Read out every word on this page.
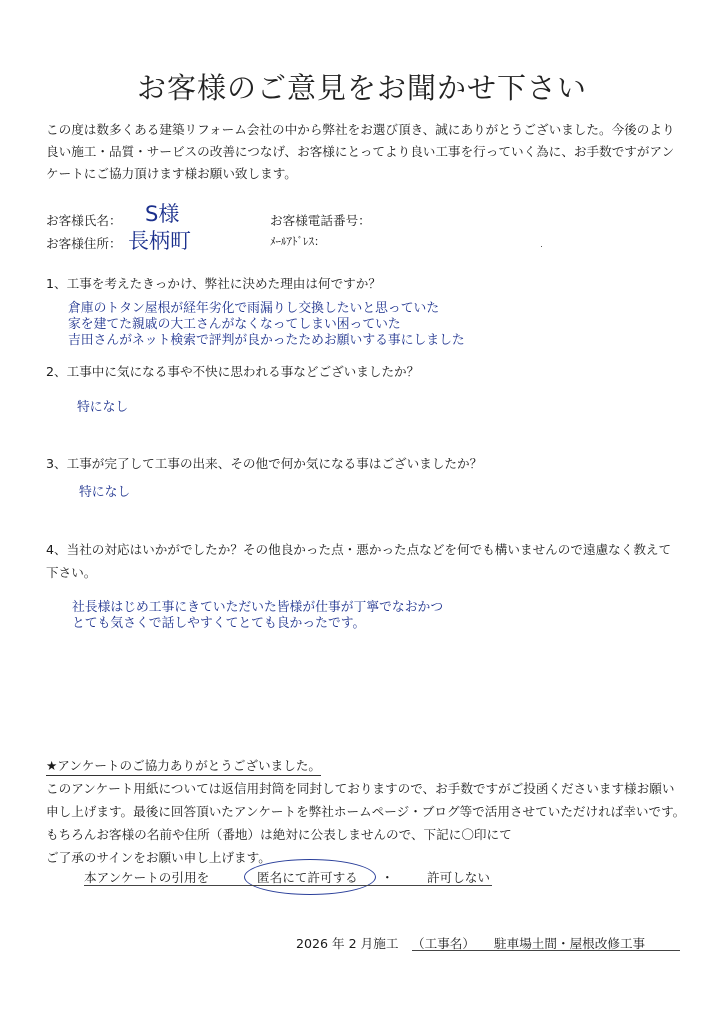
お客様のご意見をお聞かせ下さい
この度は数多くある建築リフォーム会社の中から弊社をお選び頂き、誠にありがとうございました。今後のより良い施工・品質・サービスの改善につなげ、お客様にとってより良い工事を行っていく為に、お手数ですがアンケートにご協力頂けます様お願い致します。
お客様氏名： S様	お客様電話番号：
お客様住所： 長柄町	ﾒｰﾙｱﾄﾞﾚｽ：
1、工事を考えたきっかけ、弊社に決めた理由は何ですか？
倉庫のトタン屋根が経年劣化で雨漏りし交換したいと思っていた
家を建てた親戚の大工さんがなくなってしまい困っていた
吉田さんがネット検索で評判が良かったためお願いする事にしました
2、工事中に気になる事や不快に思われる事などございましたか？
特になし
3、工事が完了して工事の出来、その他で何か気になる事はございましたか？
特になし
4、当社の対応はいかがでしたか？その他良かった点・悪かった点などを何でも構いませんので遠慮なく教えて
下さい。
社長様はじめ工事にきていただいた皆様が仕事が丁寧でなおかつ
とても気さくで話しやすくてとても良かったです。
★アンケートのご協力ありがとうございました。
このアンケート用紙については返信用封筒を同封しておりますので、お手数ですがご投函くださいます様お願い
申し上げます。最後に回答頂いたアンケートを弊社ホームページ・ブログ等で活用させていただければ幸いです。
もちろんお客様の名前や住所（番地）は絶対に公表しませんので、下記に〇印にて
ご了承のサインをお願い申し上げます。
本アンケートの引用を	匿名にて許可する ・	許可しない
2026 年 2 月施工 （工事名） 駐車場土間・屋根改修工事
